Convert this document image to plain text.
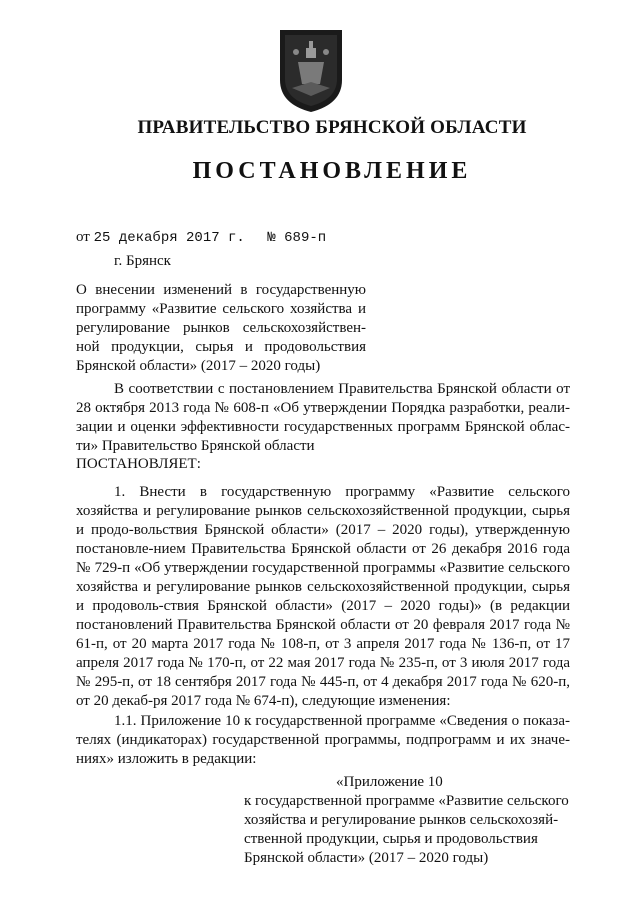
ПРАВИТЕЛЬСТВО БРЯНСКОЙ ОБЛАСТИ
ПОСТАНОВЛЕНИЕ
от 25 декабря 2017 г. № 689-п
г. Брянск
О внесении изменений в государственную программу «Развитие сельского хозяйства и регулирование рынков сельскохозяйствен-ной продукции, сырья и продовольствия Брянской области» (2017 – 2020 годы)
В соответствии с постановлением Правительства Брянской области от 28 октября 2013 года № 608-п «Об утверждении Порядка разработки, реали-зации и оценки эффективности государственных программ Брянской облас-ти» Правительство Брянской области
ПОСТАНОВЛЯЕТ:
1. Внести в государственную программу «Развитие сельского хозяйства и регулирование рынков сельскохозяйственной продукции, сырья и продо-вольствия Брянской области» (2017 – 2020 годы), утвержденную постановле-нием Правительства Брянской области от 26 декабря 2016 года № 729-п «Об утверждении государственной программы «Развитие сельского хозяйства и регулирование рынков сельскохозяйственной продукции, сырья и продоволь-ствия Брянской области» (2017 – 2020 годы)» (в редакции постановлений Правительства Брянской области от 20 февраля 2017 года № 61-п, от 20 марта 2017 года № 108-п, от 3 апреля 2017 года № 136-п, от 17 апреля 2017 года № 170-п, от 22 мая 2017 года № 235-п, от 3 июля 2017 года № 295-п, от 18 сентября 2017 года № 445-п, от 4 декабря 2017 года № 620-п, от 20 декаб-ря 2017 года № 674-п), следующие изменения:
1.1. Приложение 10 к государственной программе «Сведения о показа-телях (индикаторах) государственной программы, подпрограмм и их значе-ниях» изложить в редакции:
«Приложение 10
к государственной программе «Развитие сельского хозяйства и регулирование рынков сельскохозяй-ственной продукции, сырья и продовольствия Брянской области» (2017 – 2020 годы)
